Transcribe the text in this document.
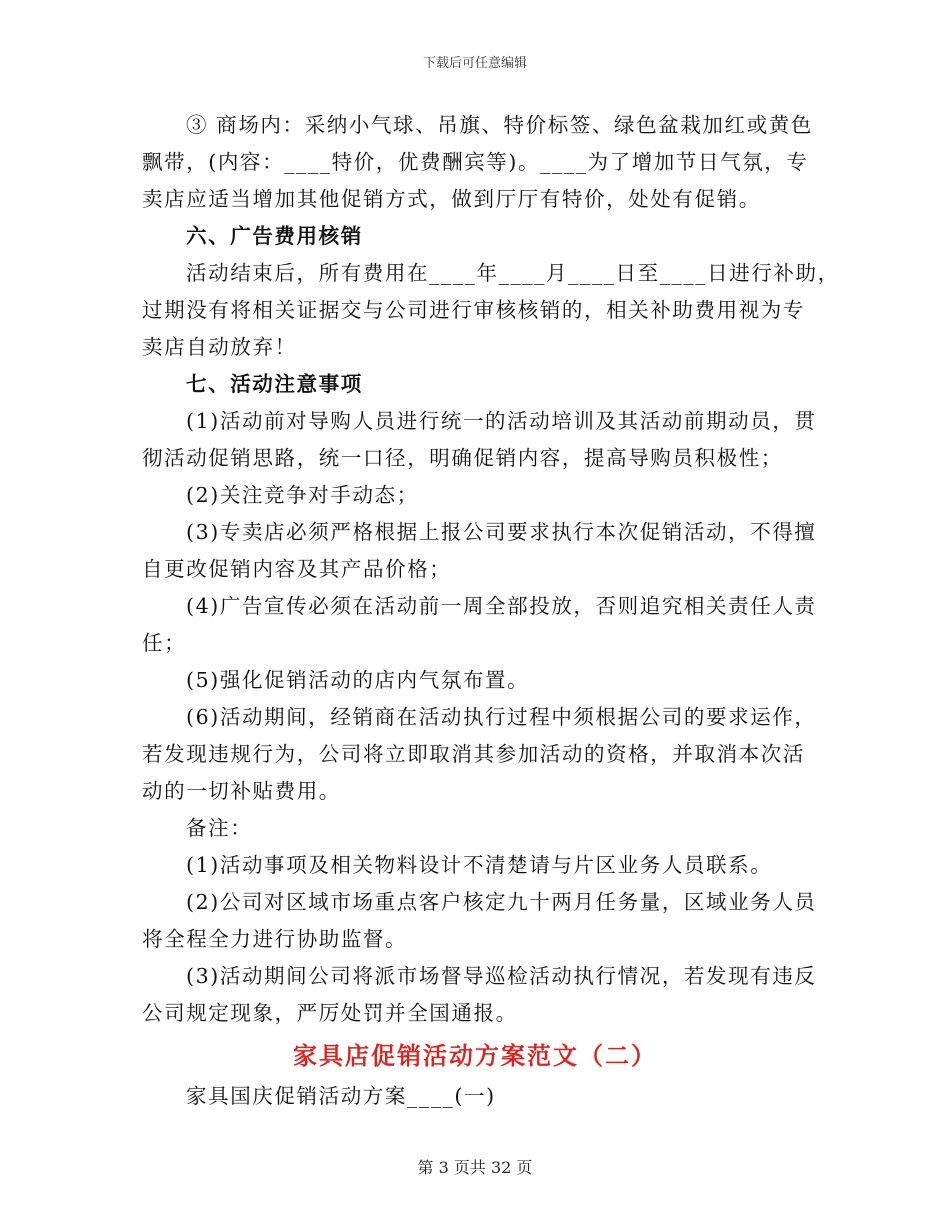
下载后可任意编辑
③ 商场内：采纳小气球、吊旗、特价标签、绿色盆栽加红或黄色
飘带，(内容：____特价，优费酬宾等)。____为了增加节日气氛，专
卖店应适当增加其他促销方式，做到厅厅有特价，处处有促销。
六、广告费用核销
活动结束后，所有费用在____年____月____日至____日进行补助，
过期没有将相关证据交与公司进行审核核销的，相关补助费用视为专
卖店自动放弃！
七、活动注意事项
(1)活动前对导购人员进行统一的活动培训及其活动前期动员，贯
彻活动促销思路，统一口径，明确促销内容，提高导购员积极性；
(2)关注竞争对手动态；
(3)专卖店必须严格根据上报公司要求执行本次促销活动，不得擅
自更改促销内容及其产品价格；
(4)广告宣传必须在活动前一周全部投放，否则追究相关责任人责
任；
(5)强化促销活动的店内气氛布置。
(6)活动期间，经销商在活动执行过程中须根据公司的要求运作，
若发现违规行为，公司将立即取消其参加活动的资格，并取消本次活
动的一切补贴费用。
备注：
(1)活动事项及相关物料设计不清楚请与片区业务人员联系。
(2)公司对区域市场重点客户核定九十两月任务量，区域业务人员
将全程全力进行协助监督。
(3)活动期间公司将派市场督导巡检活动执行情况，若发现有违反
公司规定现象，严厉处罚并全国通报。
家具店促销活动方案范文（二）
家具国庆促销活动方案____(一)
第 3 页共 32 页
